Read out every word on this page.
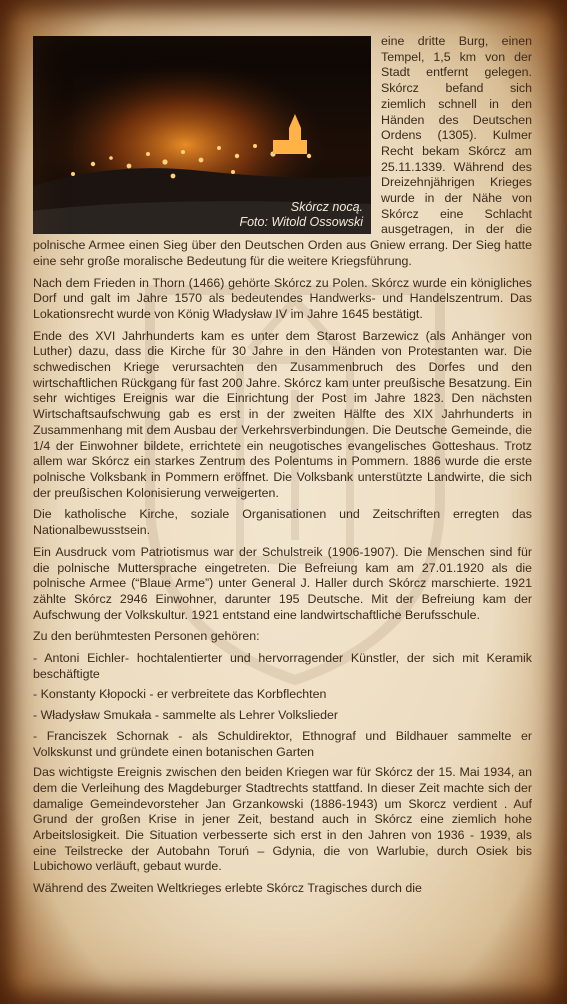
Skórcz nocą.
Foto: Witold Ossowski

eine dritte Burg, einen Tempel, 1,5 km von der Stadt entfernt gelegen. Skórcz befand sich ziemlich schnell in den Händen des Deutschen Ordens (1305). Kulmer Recht bekam Skórcz am 25.11.1339. Während des Dreizehnjährigen Krieges wurde in der Nähe von Skórcz eine Schlacht ausgetragen, in der die polnische Armee einen Sieg über den Deutschen Orden aus Gniew errang. Der Sieg hatte eine sehr große moralische Bedeutung für die weitere Kriegsführung.

Nach dem Frieden in Thorn (1466) gehörte Skórcz zu Polen. Skórcz wurde ein königliches Dorf und galt im Jahre 1570 als bedeutendes Handwerks- und Handelszentrum. Das Lokationsrecht wurde von König Władysław IV im Jahre 1645 bestätigt.

Ende des XVI Jahrhunderts kam es unter dem Starost Barzewicz (als Anhänger von Luther) dazu, dass die Kirche für 30 Jahre in den Händen von Protestanten war. Die schwedischen Kriege verursachten den Zusammenbruch des Dorfes und den wirtschaftlichen Rückgang für fast 200 Jahre. Skórcz kam unter preußische Besatzung. Ein sehr wichtiges Ereignis war die Einrichtung der Post im Jahre 1823. Den nächsten Wirtschaftsaufschwung gab es erst in der zweiten Hälfte des XIX Jahrhunderts in Zusammenhang mit dem Ausbau der Verkehrsverbindungen. Die Deutsche Gemeinde, die 1/4 der Einwohner bildete, errichtete ein neugotisches evangelisches Gotteshaus. Trotz allem war Skórcz ein starkes Zentrum des Polentums in Pommern. 1886 wurde die erste polnische Volksbank in Pommern eröffnet. Die Volksbank unterstützte Landwirte, die sich der preußischen Kolonisierung verweigerten.

Die katholische Kirche, soziale Organisationen und Zeitschriften erregten das Nationalbewusstsein.

Ein Ausdruck vom Patriotismus war der Schulstreik (1906-1907). Die Menschen sind für die polnische Muttersprache eingetreten. Die Befreiung kam am 27.01.1920 als die polnische Armee (“Blaue Arme”) unter General J. Haller durch Skórcz marschierte. 1921 zählte Skórcz 2946 Einwohner, darunter 195 Deutsche. Mit der Befreiung kam der Aufschwung der Volkskultur. 1921 entstand eine landwirtschaftliche Berufsschule.

Zu den berühmtesten Personen gehören:

- Antoni Eichler- hochtalentierter und hervorragender Künstler, der sich mit Keramik beschäftigte

- Konstanty Kłopocki - er verbreitete das Korbflechten

- Władysław Smukała - sammelte als Lehrer Volkslieder

- Franciszek Schornak - als Schuldirektor, Ethnograf und Bildhauer sammelte er Volkskunst und gründete einen botanischen Garten

Das wichtigste Ereignis zwischen den beiden Kriegen war für Skórcz der 15. Mai 1934, an dem die Verleihung des Magdeburger Stadtrechts stattfand. In dieser Zeit machte sich der damalige Gemeindevorsteher Jan Grzankowski (1886-1943) um Skorcz verdient . Auf Grund der großen Krise in jener Zeit, bestand auch in Skórcz eine ziemlich hohe Arbeitslosigkeit. Die Situation verbesserte sich erst in den Jahren von 1936 - 1939, als eine Teilstrecke der Autobahn Toruń – Gdynia, die von Warlubie, durch Osiek bis Lubichowo verläuft, gebaut wurde.

Während des Zweiten Weltkrieges erlebte Skórcz Tragisches durch die
